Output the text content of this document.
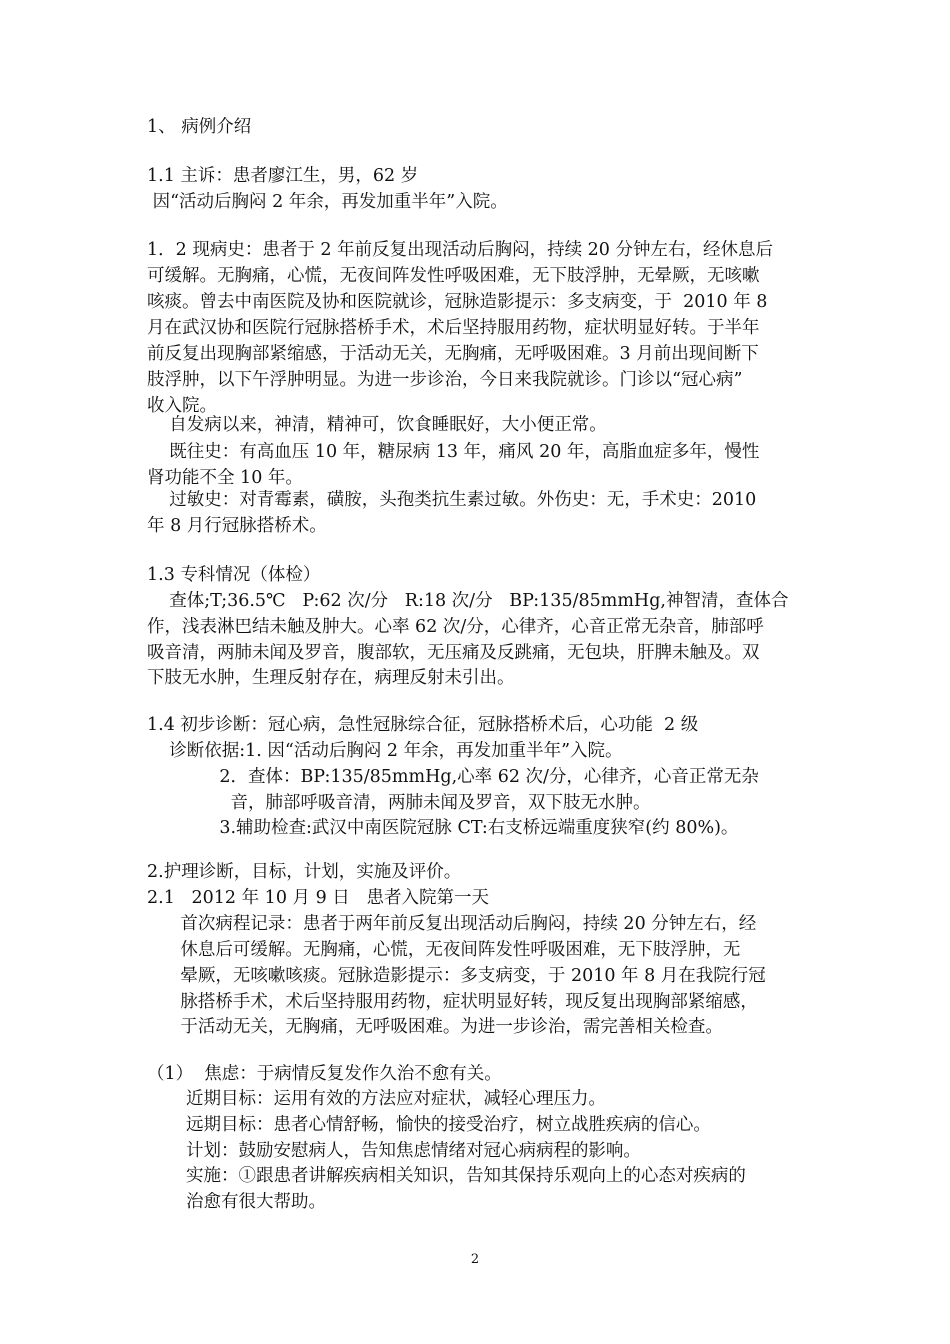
1、 病例介绍
1.1 主诉：患者廖江生，男，62 岁
因“活动后胸闷 2 年余，再发加重半年”入院。
1．2 现病史：患者于 2 年前反复出现活动后胸闷，持续 20 分钟左右，经休息后
可缓解。无胸痛，心慌，无夜间阵发性呼吸困难，无下肢浮肿，无晕厥，无咳嗽
咳痰。曾去中南医院及协和医院就诊，冠脉造影提示：多支病变，于  2010 年 8
月在武汉协和医院行冠脉搭桥手术，术后坚持服用药物，症状明显好转。于半年
前反复出现胸部紧缩感，于活动无关，无胸痛，无呼吸困难。3 月前出现间断下
肢浮肿，以下午浮肿明显。为进一步诊治，今日来我院就诊。门诊以“冠心病”
收入院。
自发病以来，神清，精神可，饮食睡眠好，大小便正常。
既往史：有高血压 10 年，糖尿病 13 年，痛风 20 年，高脂血症多年，慢性
肾功能不全 10 年。
过敏史：对青霉素，磺胺，头孢类抗生素过敏。外伤史：无，手术史：2010
年 8 月行冠脉搭桥术。
1.3 专科情况（体检）
查体;T;36.5℃   P:62 次/分   R:18 次/分   BP:135/85mmHg,神智清，查体合
作，浅表淋巴结未触及肿大。心率 62 次/分，心律齐，心音正常无杂音，肺部呼
吸音清，两肺未闻及罗音，腹部软，无压痛及反跳痛，无包块，肝脾未触及。双
下肢无水肿，生理反射存在，病理反射未引出。
1.4 初步诊断：冠心病，急性冠脉综合征，冠脉搭桥术后，心功能  2 级
诊断依据:1. 因“活动后胸闷 2 年余，再发加重半年”入院。
2．查体：BP:135/85mmHg,心率 62 次/分，心律齐，心音正常无杂
音，肺部呼吸音清，两肺未闻及罗音，双下肢无水肿。
3.辅助检查:武汉中南医院冠脉 CT:右支桥远端重度狭窄(约 80%)。
2.护理诊断，目标，计划，实施及评价。
2.1   2012 年 10 月 9 日   患者入院第一天
首次病程记录：患者于两年前反复出现活动后胸闷，持续 20 分钟左右，经
休息后可缓解。无胸痛，心慌，无夜间阵发性呼吸困难，无下肢浮肿，无
晕厥，无咳嗽咳痰。冠脉造影提示：多支病变，于 2010 年 8 月在我院行冠
脉搭桥手术，术后坚持服用药物，症状明显好转，现反复出现胸部紧缩感，
于活动无关，无胸痛，无呼吸困难。为进一步诊治，需完善相关检查。
（1）  焦虑：于病情反复发作久治不愈有关。
近期目标：运用有效的方法应对症状，减轻心理压力。
远期目标：患者心情舒畅，愉快的接受治疗，树立战胜疾病的信心。
计划：鼓励安慰病人，告知焦虑情绪对冠心病病程的影响。
实施：①跟患者讲解疾病相关知识，告知其保持乐观向上的心态对疾病的
治愈有很大帮助。
2
